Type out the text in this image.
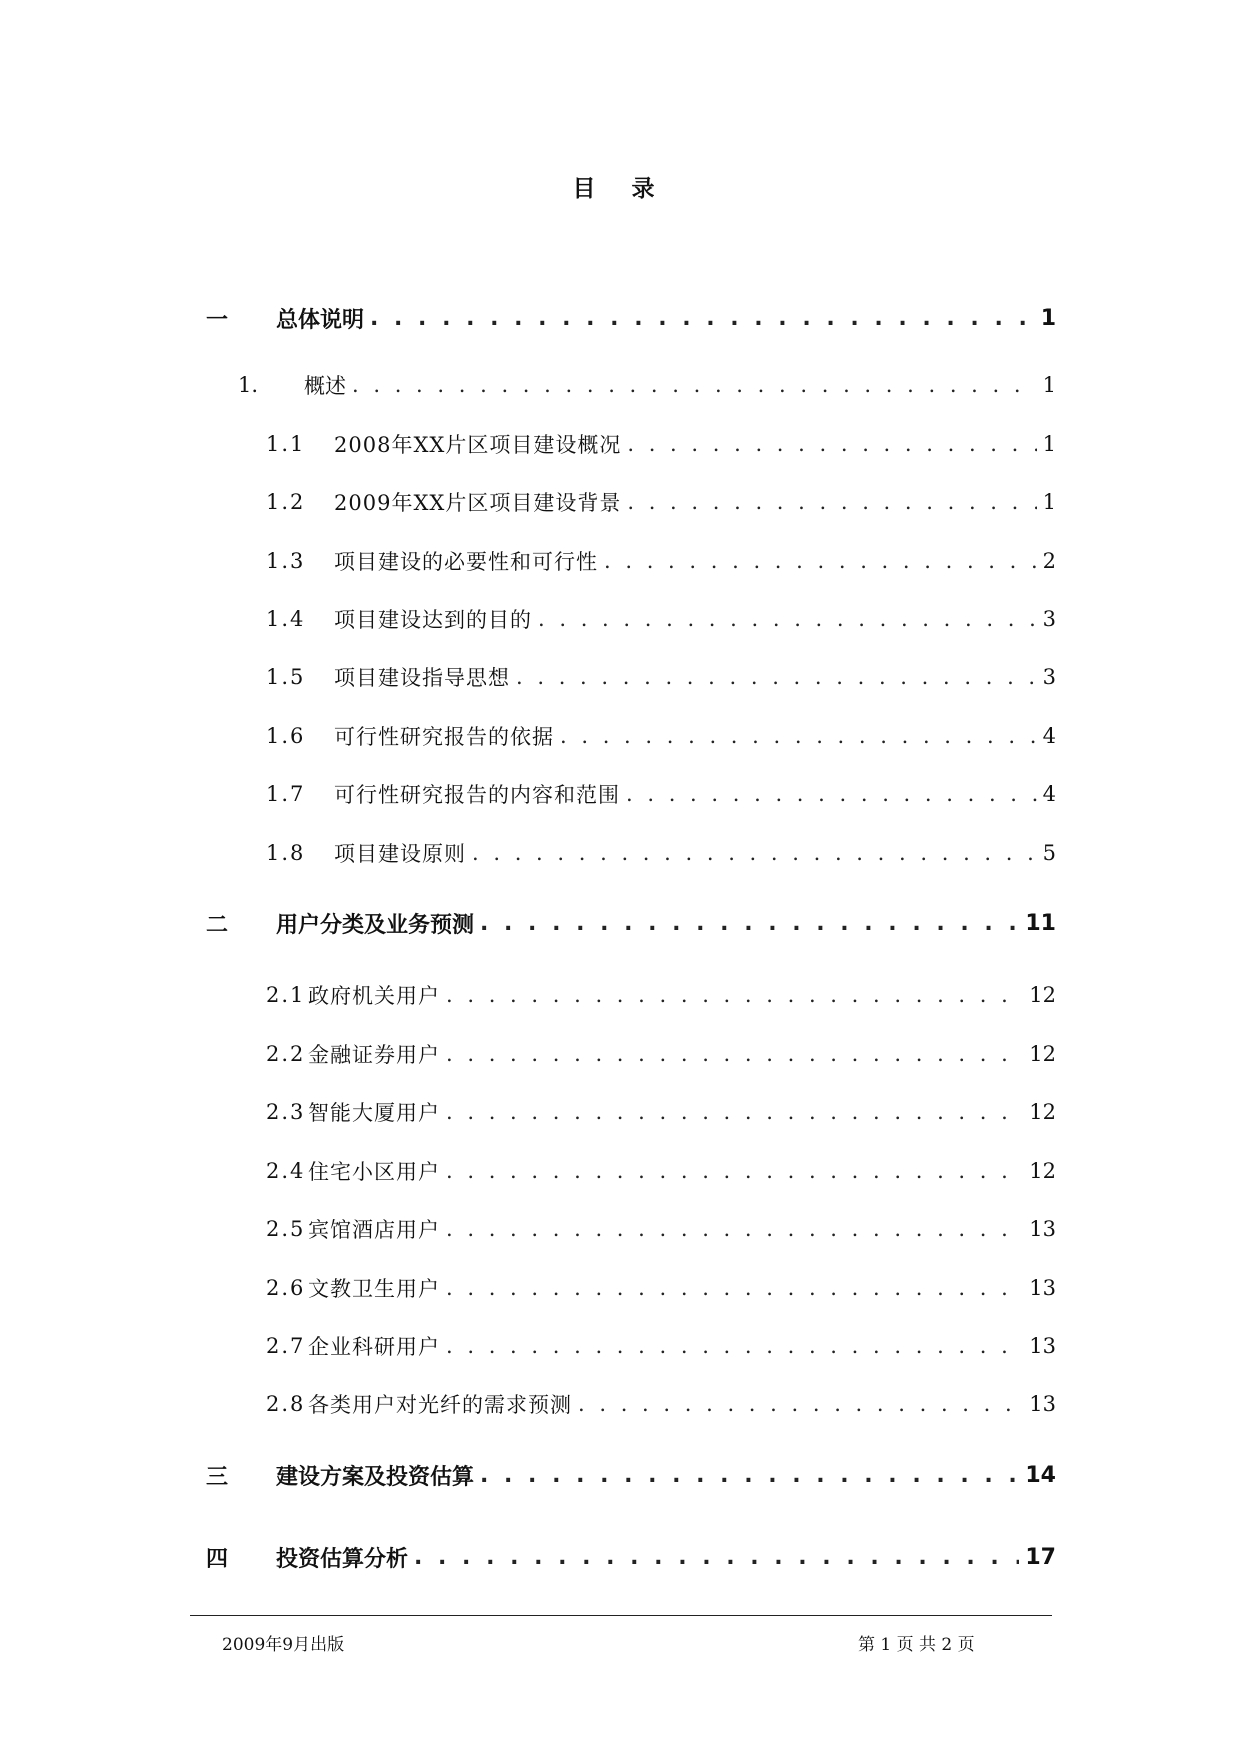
目 录
一	总体说明 . . .	1
1.	概述 . . .	1
1.1	2008年XX片区项目建设概况 . . .	1
1.2	2009年XX片区项目建设背景 . . .	1
1.3	项目建设的必要性和可行性 . . .	2
1.4	项目建设达到的目的 . . .	3
1.5	项目建设指导思想 . . .	3
1.6	可行性研究报告的依据 . . .	4
1.7	可行性研究报告的内容和范围 . . .	4
1.8	项目建设原则 . . .	5
二	用户分类及业务预测 . . .	11
2.1 政府机关用户 . . .	12
2.2 金融证券用户 . . .	12
2.3 智能大厦用户 . . .	12
2.4 住宅小区用户 . . .	12
2.5 宾馆酒店用户 . . .	13
2.6 文教卫生用户 . . .	13
2.7 企业科研用户 . . .	13
2.8 各类用户对光纤的需求预测 . . .	13
三	建设方案及投资估算 . . .	14
四	投资估算分析 . . .	17
2009年9月出版	第 1 页 共 2 页
